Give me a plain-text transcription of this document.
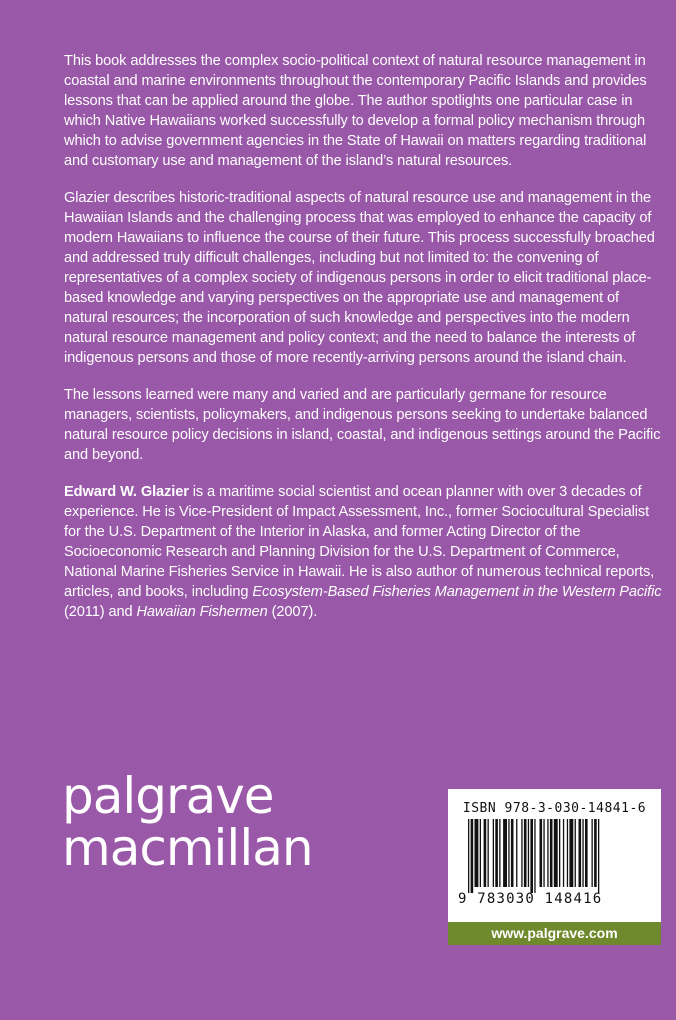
This book addresses the complex socio-political context of natural resource management in coastal and marine environments throughout the contemporary Pacific Islands and provides lessons that can be applied around the globe. The author spotlights one particular case in which Native Hawaiians worked successfully to develop a formal policy mechanism through which to advise government agencies in the State of Hawaii on matters regarding traditional and customary use and management of the island’s natural resources.

Glazier describes historic-traditional aspects of natural resource use and management in the Hawaiian Islands and the challenging process that was employed to enhance the capacity of modern Hawaiians to influence the course of their future. This process successfully broached and addressed truly difficult challenges, including but not limited to: the convening of representatives of a complex society of indigenous persons in order to elicit traditional place-based knowledge and varying perspectives on the appropriate use and management of natural resources; the incorporation of such knowledge and perspectives into the modern natural resource management and policy context; and the need to balance the interests of indigenous persons and those of more recently-arriving persons around the island chain.

The lessons learned were many and varied and are particularly germane for resource managers, scientists, policymakers, and indigenous persons seeking to undertake balanced natural resource policy decisions in island, coastal, and indigenous settings around the Pacific and beyond.

Edward W. Glazier is a maritime social scientist and ocean planner with over 3 decades of experience. He is Vice-President of Impact Assessment, Inc., former Sociocultural Specialist for the U.S. Department of the Interior in Alaska, and former Acting Director of the Socioeconomic Research and Planning Division for the U.S. Department of Commerce, National Marine Fisheries Service in Hawaii. He is also author of numerous technical reports, articles, and books, including Ecosystem-Based Fisheries Management in the Western Pacific (2011) and Hawaiian Fishermen (2007).

palgrave
macmillan
ISBN 978-3-030-14841-6
9 783030 148416
www.palgrave.com
